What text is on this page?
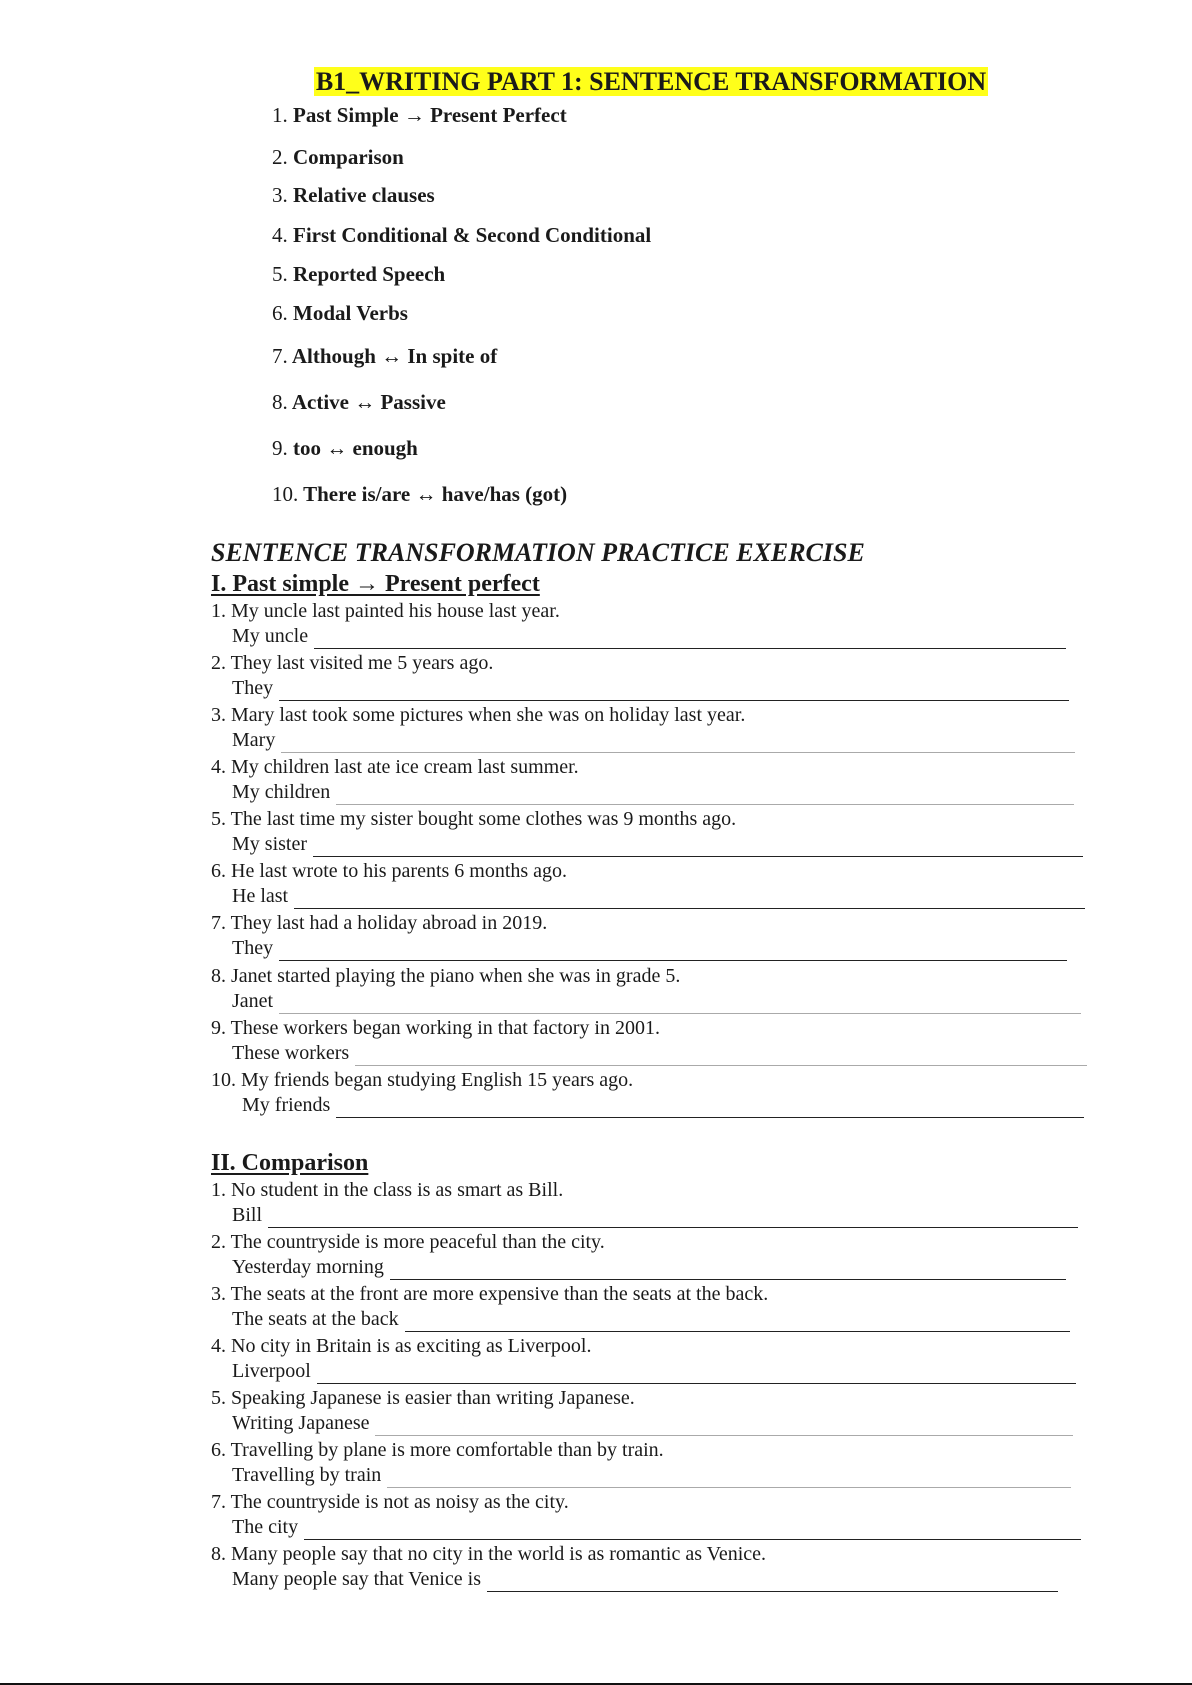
B1_WRITING PART 1: SENTENCE TRANSFORMATION
1. Past Simple → Present Perfect
2. Comparison
3. Relative clauses
4. First Conditional & Second Conditional
5. Reported Speech
6. Modal Verbs
7. Although ↔ In spite of
8. Active ↔ Passive
9. too ↔ enough
10. There is/are ↔ have/has (got)
SENTENCE TRANSFORMATION PRACTICE EXERCISE
I. Past simple → Present perfect
1. My uncle last painted his house last year.
My uncle
2. They last visited me 5 years ago.
They
3. Mary last took some pictures when she was on holiday last year.
Mary
4. My children last ate ice cream last summer.
My children
5. The last time my sister bought some clothes was 9 months ago.
My sister
6. He last wrote to his parents 6 months ago.
He last
7. They last had a holiday abroad in 2019.
They
8. Janet started playing the piano when she was in grade 5.
Janet
9. These workers began working in that factory in 2001.
These workers
10. My friends began studying English 15 years ago.
My friends
II. Comparison
1. No student in the class is as smart as Bill.
Bill
2. The countryside is more peaceful than the city.
Yesterday morning
3. The seats at the front are more expensive than the seats at the back.
The seats at the back
4. No city in Britain is as exciting as Liverpool.
Liverpool
5. Speaking Japanese is easier than writing Japanese.
Writing Japanese
6. Travelling by plane is more comfortable than by train.
Travelling by train
7. The countryside is not as noisy as the city.
The city
8. Many people say that no city in the world is as romantic as Venice.
Many people say that Venice is
